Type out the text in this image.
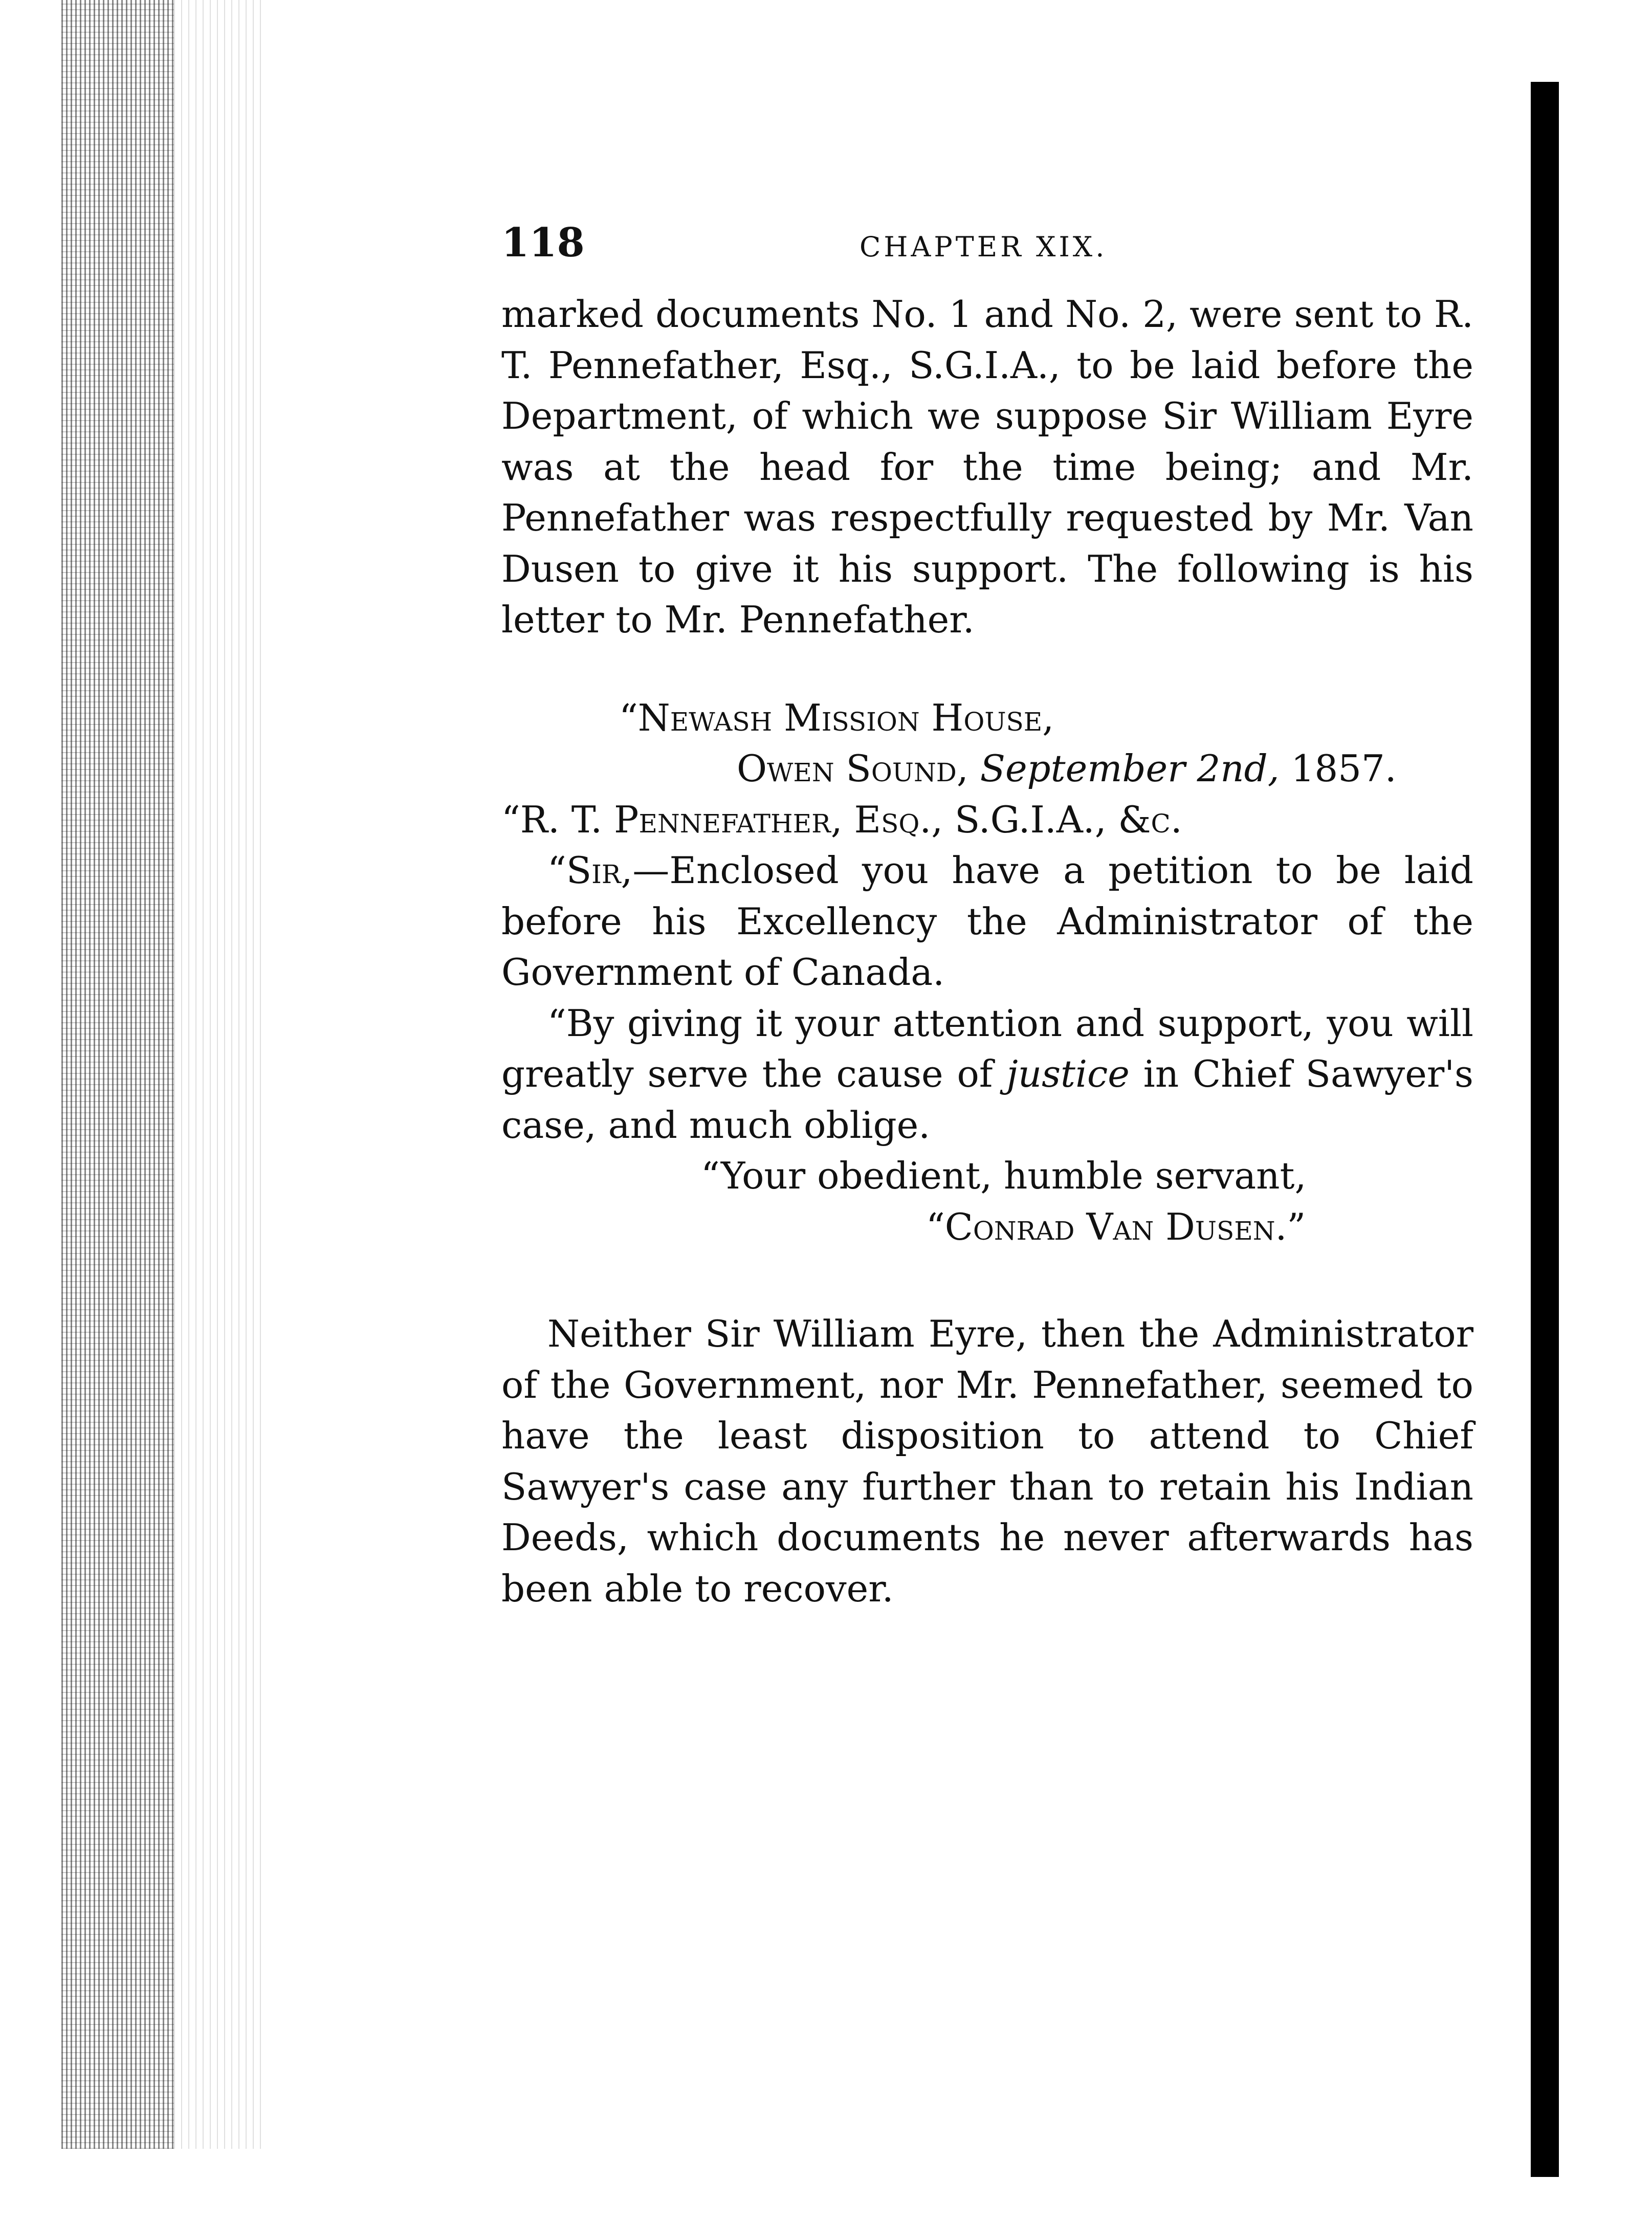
118	CHAPTER XIX.

marked documents No. 1 and No. 2, were sent to R. T. Pennefather, Esq., S.G.I.A., to be laid before the Department, of which we suppose Sir William Eyre was at the head for the time being; and Mr. Pennefather was respectfully requested by Mr. Van Dusen to give it his support. The following is his letter to Mr. Pennefather.

“Newash Mission House,

Owen Sound, September 2nd, 1857.

“R. T. Pennefather, Esq., S.G.I.A., &c.

“Sir,—Enclosed you have a petition to be laid before his Excellency the Administrator of the Government of Canada.

“By giving it your attention and support, you will greatly serve the cause of justice in Chief Sawyer's case, and much oblige.

“Your obedient, humble servant,

“Conrad Van Dusen.”

Neither Sir William Eyre, then the Administrator of the Government, nor Mr. Pennefather, seemed to have the least disposition to attend to Chief Sawyer's case any further than to retain his Indian Deeds, which documents he never afterwards has been able to recover.
